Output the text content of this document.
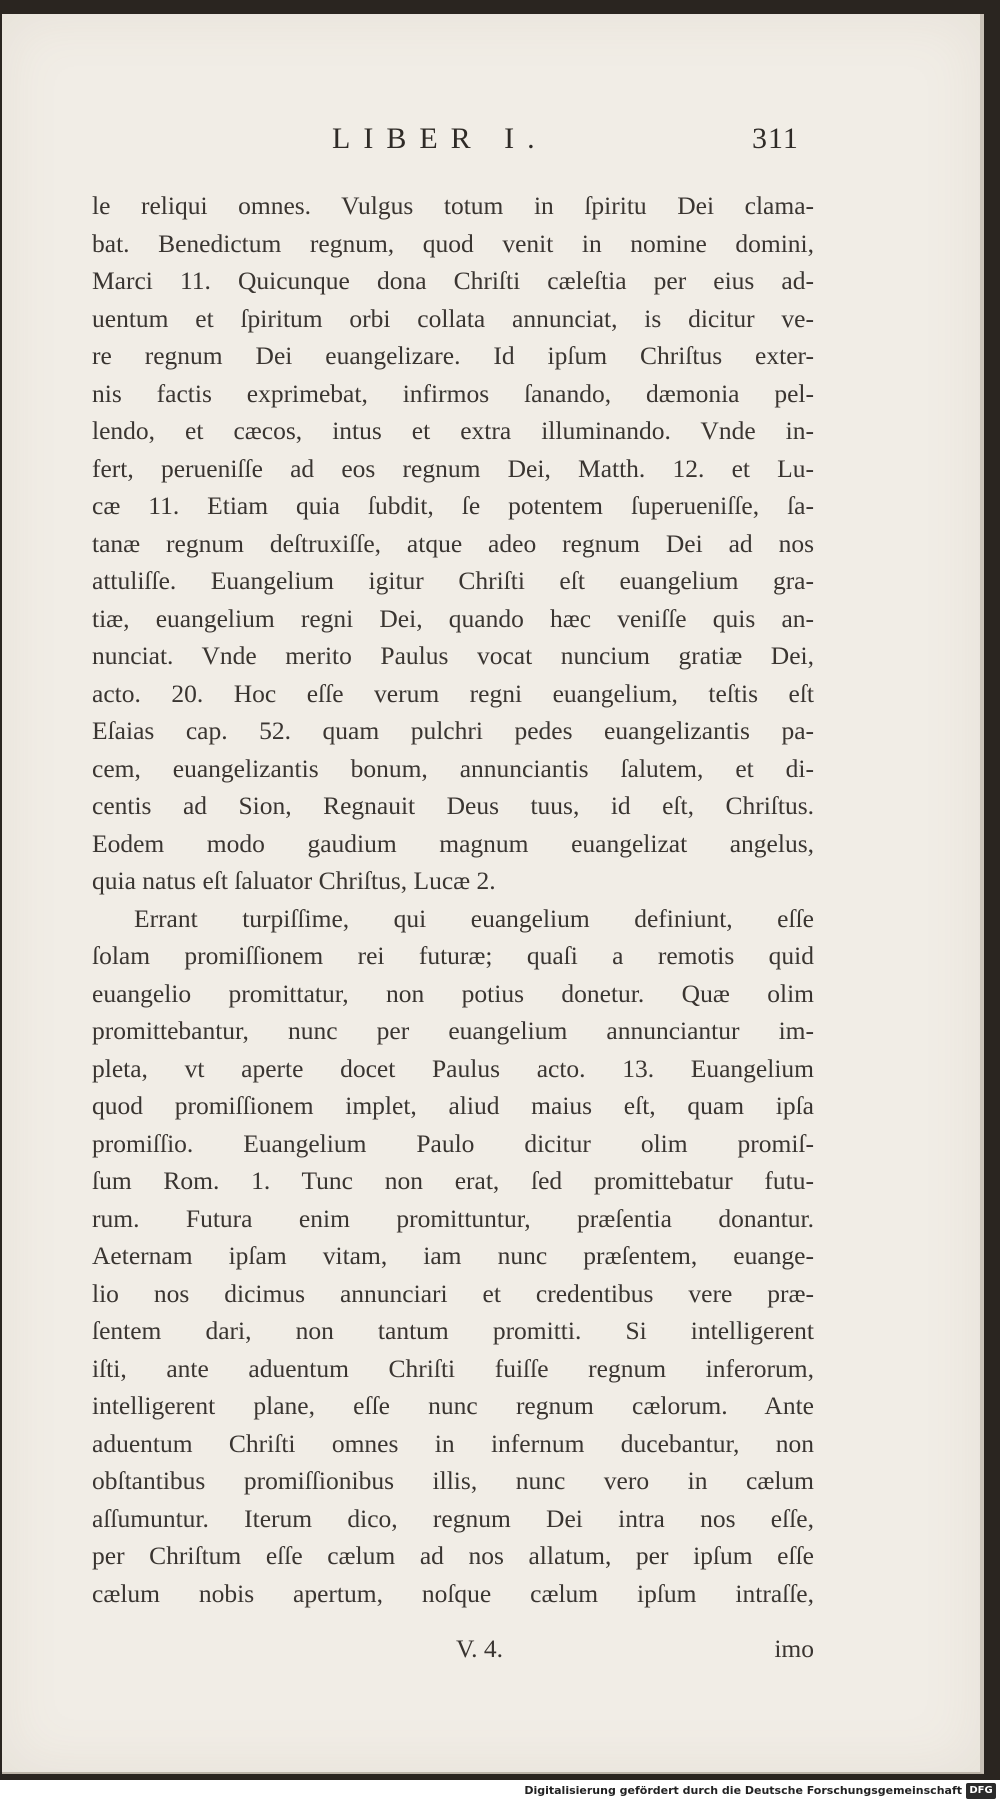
LIBER I.	311
le reliqui omnes. Vulgus totum in ſpiritu Dei clama-
bat. Benedictum regnum, quod venit in nomine domini,
Marci 11. Quicunque dona Chriſti cæleſtia per eius ad-
uentum et ſpiritum orbi collata annunciat, is dicitur ve-
re regnum Dei euangelizare. Id ipſum Chriſtus exter-
nis factis exprimebat, infirmos ſanando, dæmonia pel-
lendo, et cæcos, intus et extra illuminando. Vnde in-
fert, perueniſſe ad eos regnum Dei, Matth. 12. et Lu-
cæ 11. Etiam quia ſubdit, ſe potentem ſuperueniſſe, ſa-
tanæ regnum deſtruxiſſe, atque adeo regnum Dei ad nos
attuliſſe. Euangelium igitur Chriſti eſt euangelium gra-
tiæ, euangelium regni Dei, quando hæc veniſſe quis an-
nunciat. Vnde merito Paulus vocat nuncium gratiæ Dei,
acto. 20. Hoc eſſe verum regni euangelium, teſtis eſt
Eſaias cap. 52. quam pulchri pedes euangelizantis pa-
cem, euangelizantis bonum, annunciantis ſalutem, et di-
centis ad Sion, Regnauit Deus tuus, id eſt, Chriſtus.
Eodem modo gaudium magnum euangelizat angelus,
quia natus eſt ſaluator Chriſtus, Lucæ 2.
Errant turpiſſime, qui euangelium definiunt, eſſe
ſolam promiſſionem rei futuræ; quaſi a remotis quid
euangelio promittatur, non potius donetur. Quæ olim
promittebantur, nunc per euangelium annunciantur im-
pleta, vt aperte docet Paulus acto. 13. Euangelium
quod promiſſionem implet, aliud maius eſt, quam ipſa
promiſſio. Euangelium Paulo dicitur olim promiſ-
ſum Rom. 1. Tunc non erat, ſed promittebatur futu-
rum. Futura enim promittuntur, præſentia donantur.
Aeternam ipſam vitam, iam nunc præſentem, euange-
lio nos dicimus annunciari et credentibus vere præ-
ſentem dari, non tantum promitti. Si intelligerent
iſti, ante aduentum Chriſti fuiſſe regnum inferorum,
intelligerent plane, eſſe nunc regnum cælorum. Ante
aduentum Chriſti omnes in infernum ducebantur, non
obſtantibus promiſſionibus illis, nunc vero in cælum
aſſumuntur. Iterum dico, regnum Dei intra nos eſſe,
per Chriſtum eſſe cælum ad nos allatum, per ipſum eſſe
cælum nobis apertum, noſque cælum ipſum intraſſe,
V. 4.	imo
Digitalisierung gefördert durch die Deutsche Forschungsgemeinschaft DFG
